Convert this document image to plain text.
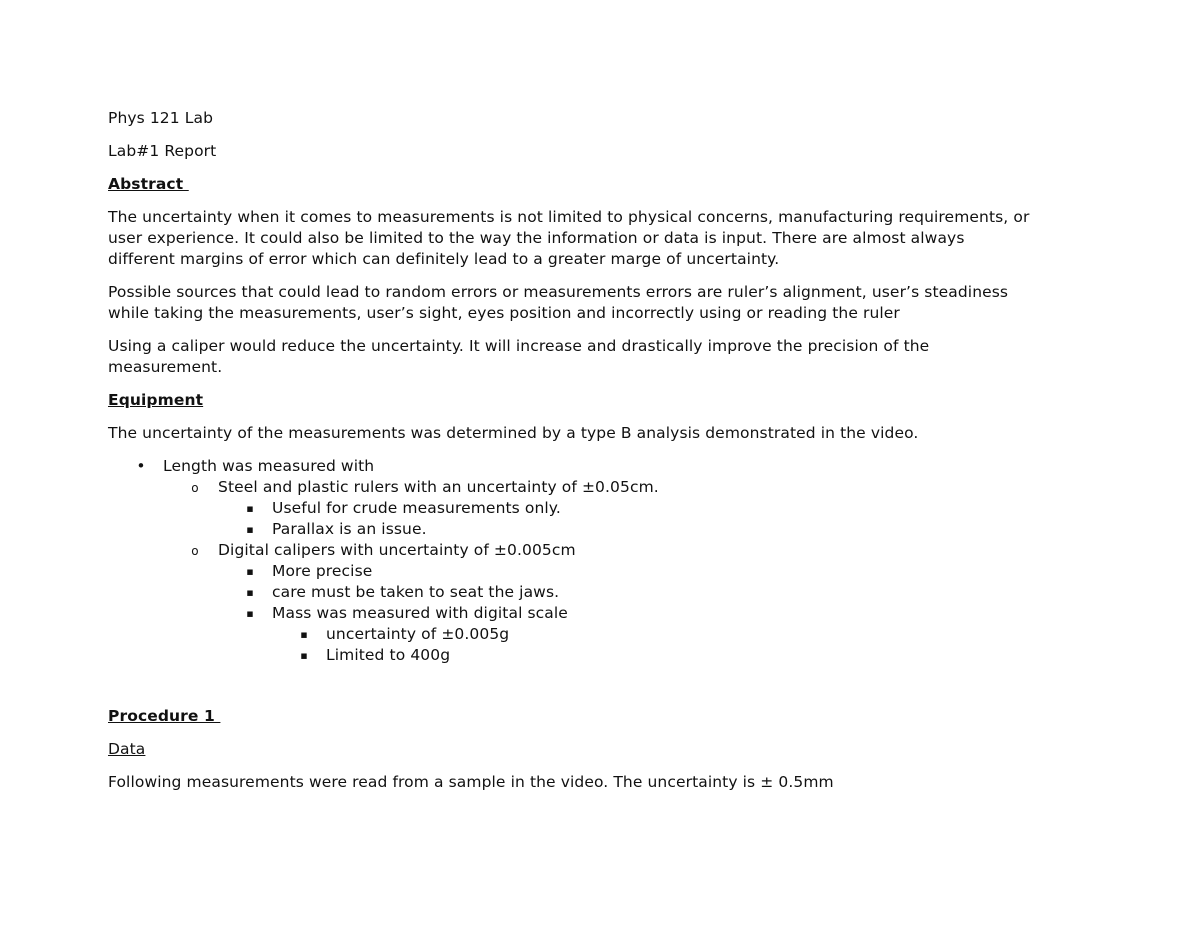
Phys 121 Lab

Lab#1 Report

Abstract

The uncertainty when it comes to measurements is not limited to physical concerns, manufacturing requirements, or

user experience. It could also be limited to the way the information or data is input. There are almost always

different margins of error which can definitely lead to a greater marge of uncertainty.

Possible sources that could lead to random errors or measurements errors are ruler’s alignment, user’s steadiness

while taking the measurements, user’s sight, eyes position and incorrectly using or reading the ruler

Using a caliper would reduce the uncertainty. It will increase and drastically improve the precision of the

measurement.

Equipment

The uncertainty of the measurements was determined by a type B analysis demonstrated in the video.

• Length was measured with
o Steel and plastic rulers with an uncertainty of ±0.05cm.
▪ Useful for crude measurements only.
▪ Parallax is an issue.
o Digital calipers with uncertainty of ±0.005cm
▪ More precise
▪ care must be taken to seat the jaws.
▪ Mass was measured with digital scale
▪ uncertainty of ±0.005g
▪ Limited to 400g

Procedure 1

Data

Following measurements were read from a sample in the video. The uncertainty is ± 0.5mm
